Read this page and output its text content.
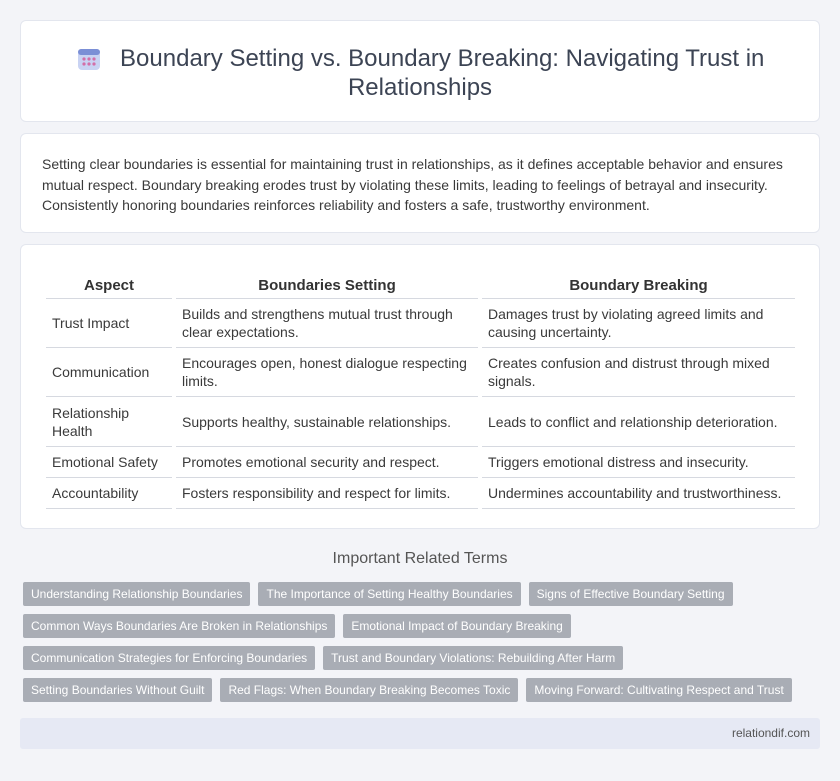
Boundary Setting vs. Boundary Breaking: Navigating Trust in Relationships

Setting clear boundaries is essential for maintaining trust in relationships, as it defines acceptable behavior and ensures mutual respect. Boundary breaking erodes trust by violating these limits, leading to feelings of betrayal and insecurity. Consistently honoring boundaries reinforces reliability and fosters a safe, trustworthy environment.

Aspect	Boundaries Setting	Boundary Breaking
Trust Impact	Builds and strengthens mutual trust through clear expectations.	Damages trust by violating agreed limits and causing uncertainty.
Communication	Encourages open, honest dialogue respecting limits.	Creates confusion and distrust through mixed signals.
Relationship Health	Supports healthy, sustainable relationships.	Leads to conflict and relationship deterioration.
Emotional Safety	Promotes emotional security and respect.	Triggers emotional distress and insecurity.
Accountability	Fosters responsibility and respect for limits.	Undermines accountability and trustworthiness.
Important Related Terms
Understanding Relationship Boundaries	The Importance of Setting Healthy Boundaries	Signs of Effective Boundary Setting
Common Ways Boundaries Are Broken in Relationships	Emotional Impact of Boundary Breaking
Communication Strategies for Enforcing Boundaries	Trust and Boundary Violations: Rebuilding After Harm
Setting Boundaries Without Guilt	Red Flags: When Boundary Breaking Becomes Toxic	Moving Forward: Cultivating Respect and Trust
relationdif.com
